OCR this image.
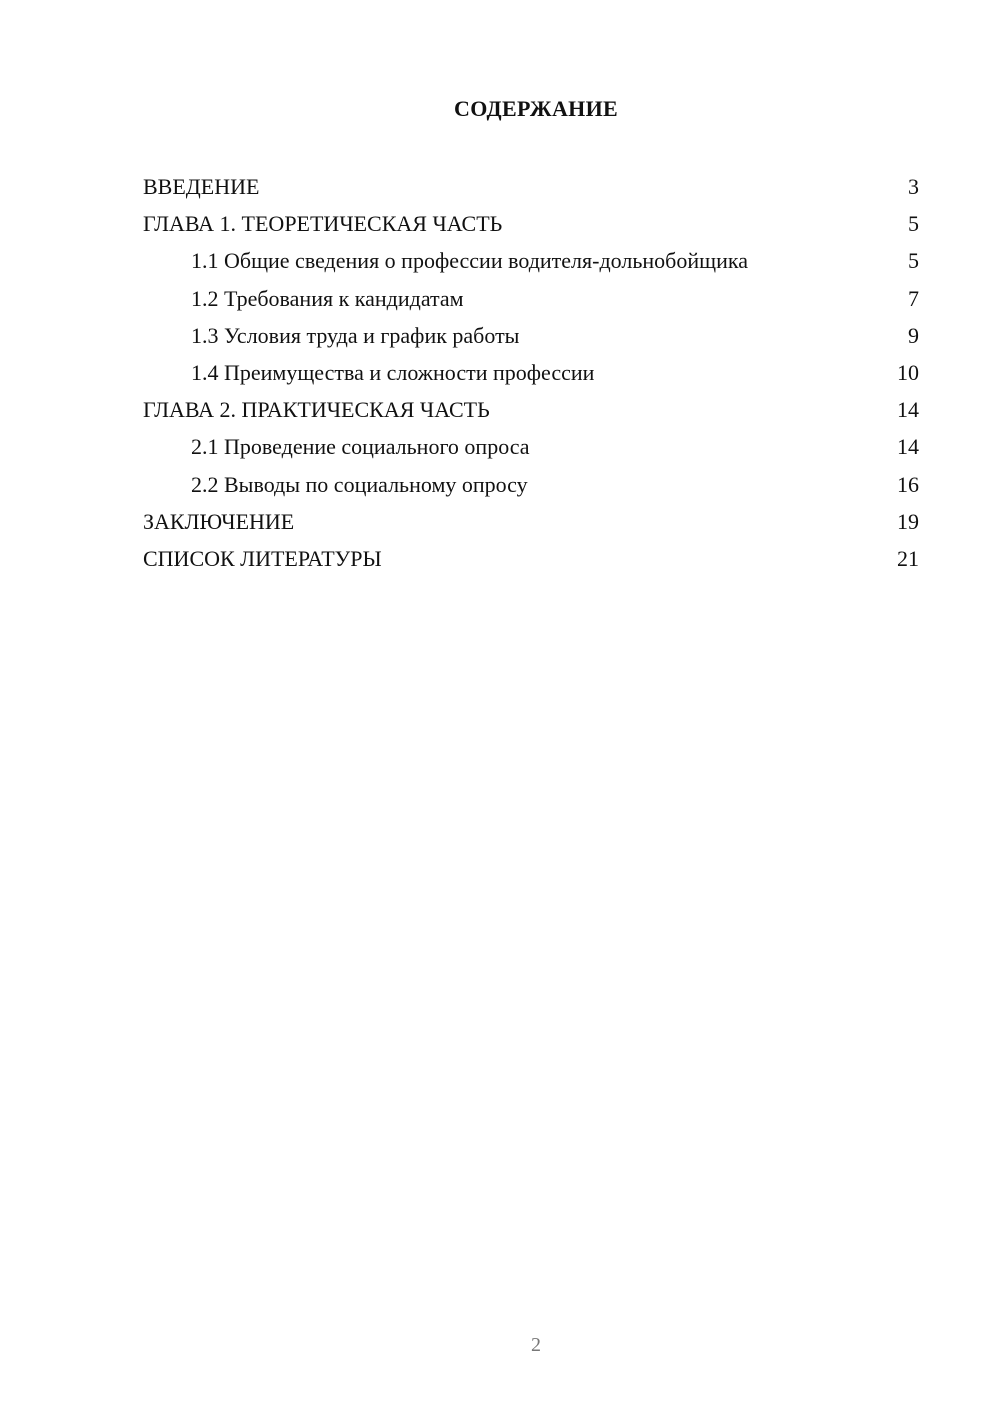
СОДЕРЖАНИЕ
ВВЕДЕНИЕ	3
ГЛАВА 1. ТЕОРЕТИЧЕСКАЯ ЧАСТЬ	5
1.1 Общие сведения о профессии водителя-дольнобойщика	5
1.2 Требования к кандидатам	7
1.3 Условия труда и график работы	9
1.4 Преимущества и сложности профессии	10
ГЛАВА 2. ПРАКТИЧЕСКАЯ ЧАСТЬ	14
2.1 Проведение социального опроса	14
2.2 Выводы по социальному опросу	16
ЗАКЛЮЧЕНИЕ	19
СПИСОК ЛИТЕРАТУРЫ	21
2
